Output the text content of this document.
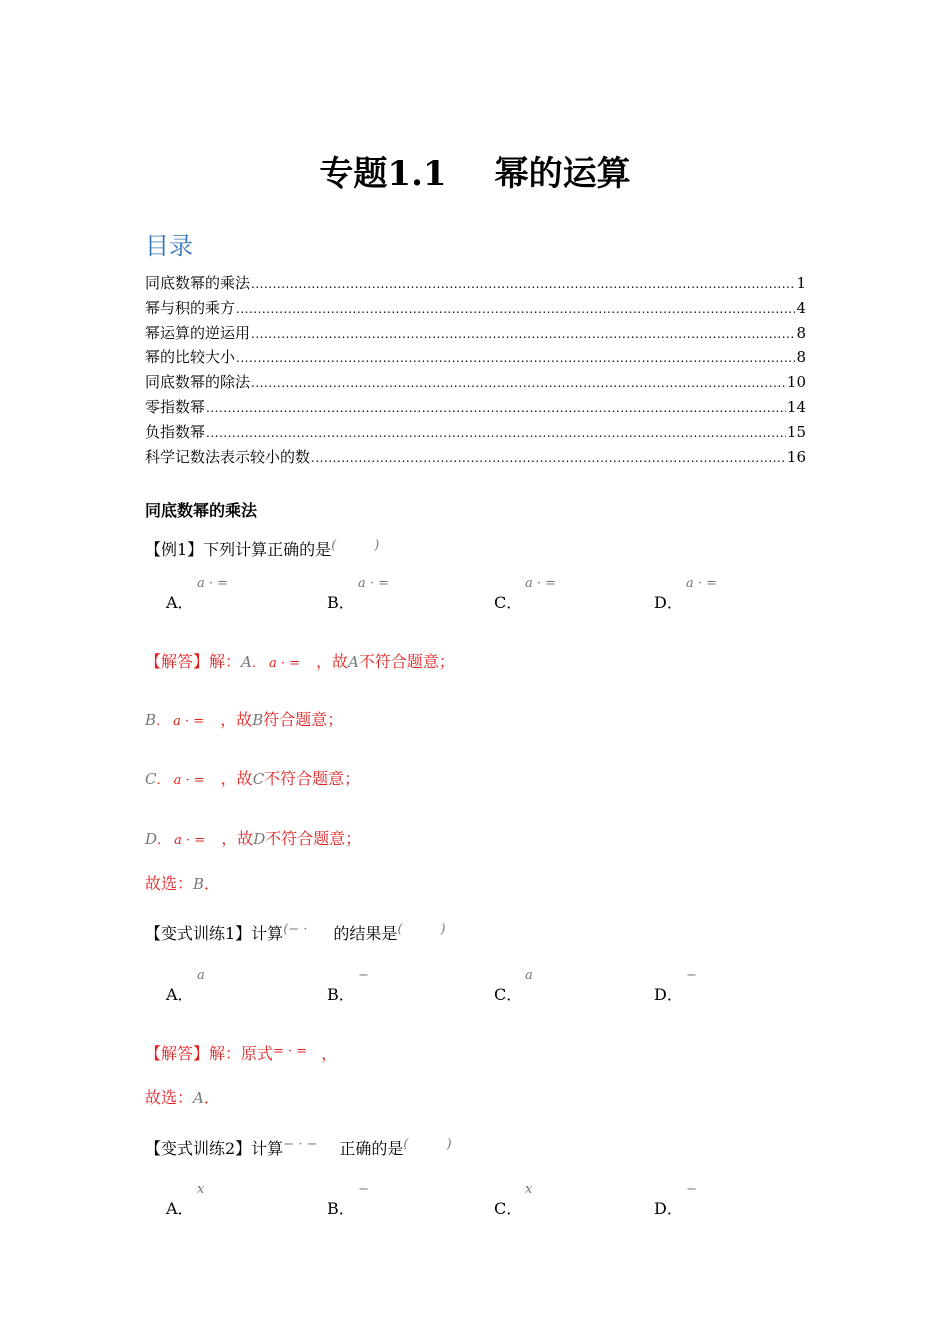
专题1.1 幂的运算
目录
同底数幂的乘法 .....	1
幂与积的乘方 .....	4
幂运算的逆运用 .....	8
幂的比较大小 .....	8
同底数幂的除法 .....	10
零指数幂 .....	14
负指数幂 .....	15
科学记数法表示较小的数 .....	16
同底数幂的乘法
【例1】下列计算正确的是(	)
A．
a · =
B．
a · =
C．
a · =
D．
a · =
【解答】解：A． a · = ，故A不符合题意；
B． a · = ，故B符合题意；
C． a · = ，故C不符合题意；
D． a · = ，故D不符合题意；
故选：B．
【变式训练1】计算(− · 的结果是(	)
A．
a
B．
−
C．
a
D．
−
【解答】解：原式= · = ，
故选：A．
【变式训练2】计算− · − 正确的是(	)
A．
x
B．
−
C．
x
D．
−
